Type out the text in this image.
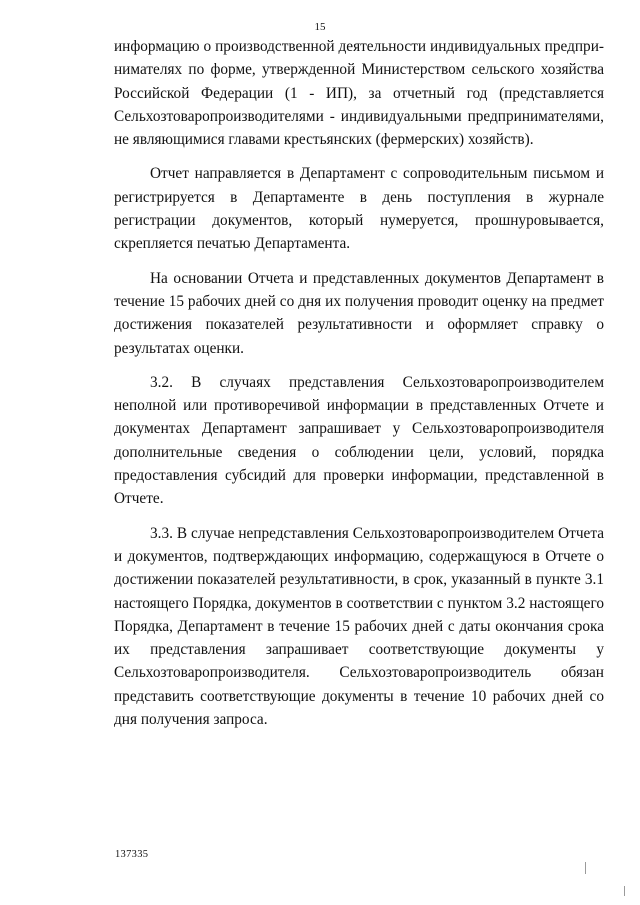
15

информацию о производственной деятельности индивидуальных предпринимателях по форме, утвержденной Министерством сельского хозяйства Российской Федерации (1 - ИП), за отчетный год (представляется Сельхозтоваропроизводителями - индивидуальными предпринимателями, не являющимися главами крестьянских (фермерских) хозяйств).

Отчет направляется в Департамент с сопроводительным письмом и регистрируется в Департаменте в день поступления в журнале регистрации документов, который нумеруется, прошнуровывается, скрепляется печатью Департамента.

На основании Отчета и представленных документов Департамент в течение 15 рабочих дней со дня их получения проводит оценку на предмет достижения показателей результативности и оформляет справку о результатах оценки.

3.2. В случаях представления Сельхозтоваропроизводителем неполной или противоречивой информации в представленных Отчете и документах Департамент запрашивает у Сельхозтоваропроизводителя дополнительные сведения о соблюдении цели, условий, порядка предоставления субсидий для проверки информации, представленной в Отчете.

3.3. В случае непредставления Сельхозтоваропроизводителем Отчета и документов, подтверждающих информацию, содержащуюся в Отчете о достижении показателей результативности, в срок, указанный в пункте 3.1 настоящего Порядка, документов в соответствии с пунктом 3.2 настоящего Порядка, Департамент в течение 15 рабочих дней с даты окончания срока их представления запрашивает соответствующие документы у Сельхозтоваропроизводителя. Сельхозтоваропроизводитель обязан представить соответствующие документы в течение 10 рабочих дней со дня получения запроса.

137335
